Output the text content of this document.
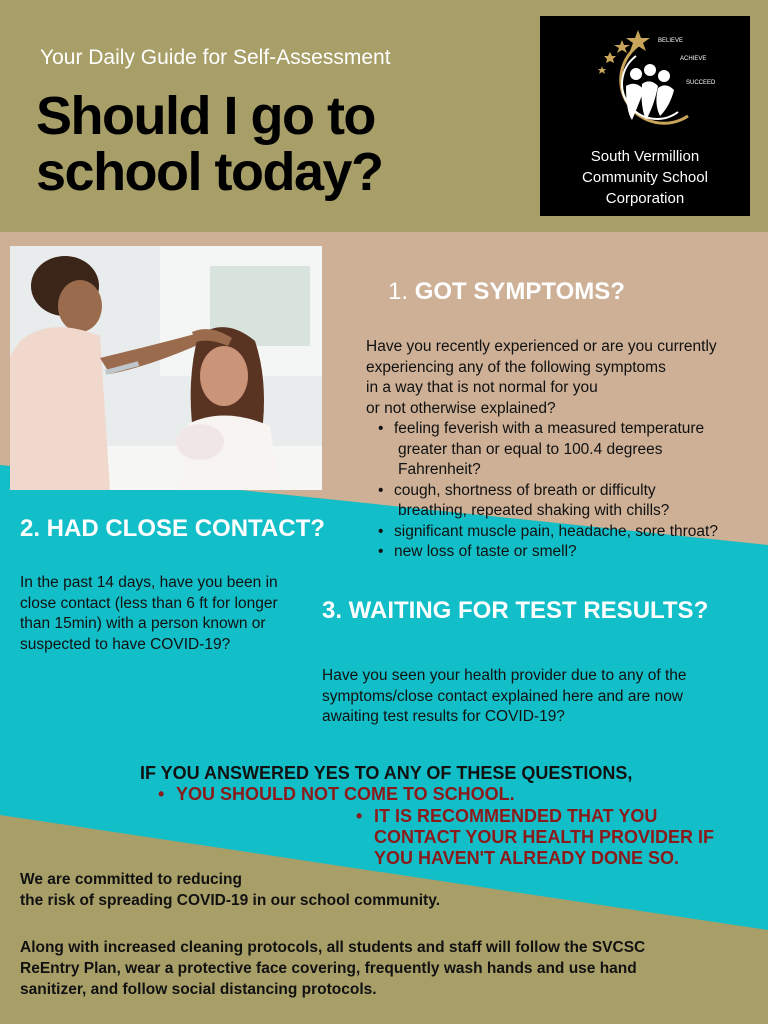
Your Daily Guide for Self-Assessment
Should I go to
school today?
BELIEVE
ACHIEVE
SUCCEED
South Vermillion
Community School
Corporation
1. GOT SYMPTOMS?
Have you recently experienced or are you currently
experiencing any of the following symptoms
in a way that is not normal for you
or not otherwise explained?
• feeling feverish with a measured temperature
greater than or equal to 100.4 degrees
Fahrenheit?
• cough, shortness of breath or difficulty
breathing, repeated shaking with chills?
• significant muscle pain, headache, sore throat?
• new loss of taste or smell?
2. HAD CLOSE CONTACT?
In the past 14 days, have you been in
close contact (less than 6 ft for longer
than 15min) with a person known or
suspected to have COVID-19?
3. WAITING FOR TEST RESULTS?
Have you seen your health provider due to any of the
symptoms/close contact explained here and are now
awaiting test results for COVID-19?
IF YOU ANSWERED YES TO ANY OF THESE QUESTIONS,
• YOU SHOULD NOT COME TO SCHOOL.
• IT IS RECOMMENDED THAT YOU
CONTACT YOUR HEALTH PROVIDER IF
YOU HAVEN'T ALREADY DONE SO.
We are committed to reducing
the risk of spreading COVID-19 in our school community.
Along with increased cleaning protocols, all students and staff will follow the SVCSC
ReEntry Plan, wear a protective face covering, frequently wash hands and use hand
sanitizer, and follow social distancing protocols.
